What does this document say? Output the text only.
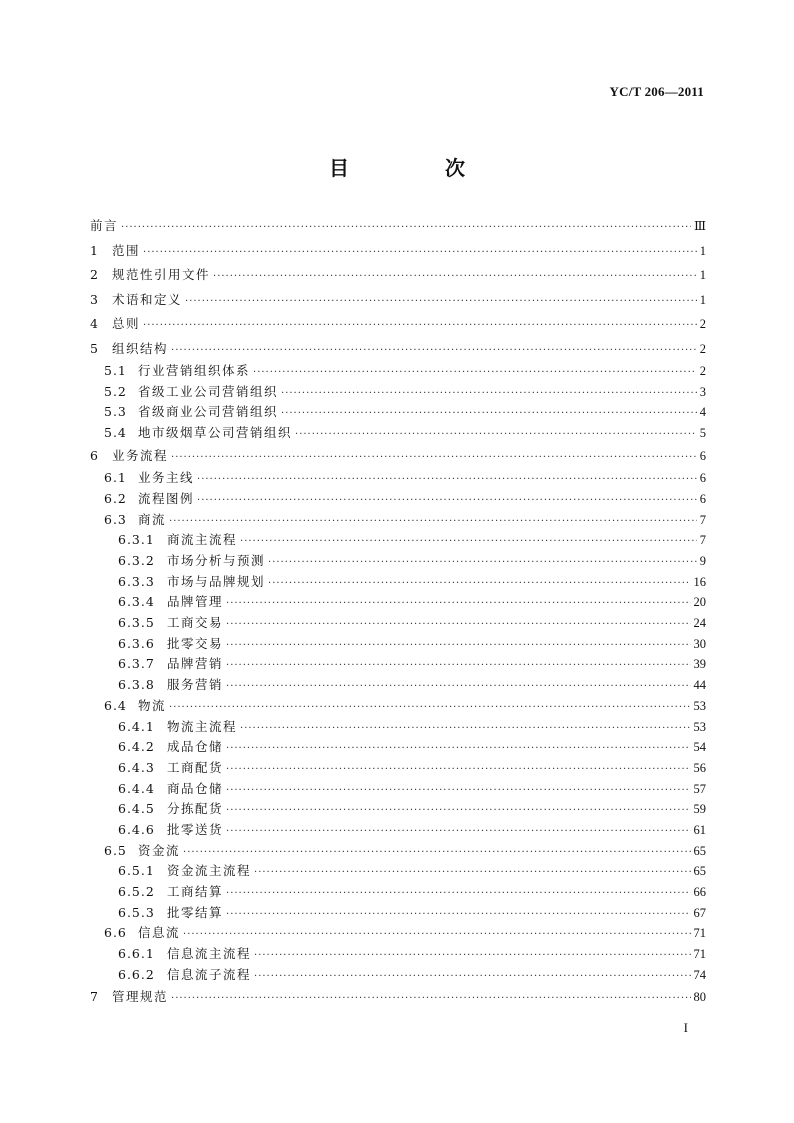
YC/T 206—2011
目　次
前言 ·····	Ⅲ
1	范围 ·····	1
2	规范性引用文件 ·····	1
3	术语和定义 ·····	1
4	总则 ·····	2
5	组织结构 ·····	2
5.1 行业营销组织体系 ·····	2
5.2 省级工业公司营销组织 ·····	3
5.3 省级商业公司营销组织 ·····	4
5.4 地市级烟草公司营销组织 ·····	5
6	业务流程 ·····	6
6.1 业务主线 ·····	6
6.2 流程图例 ·····	6
6.3 商流 ·····	7
6.3.1 商流主流程 ·····	7
6.3.2 市场分析与预测 ·····	9
6.3.3 市场与品牌规划 ·····	16
6.3.4 品牌管理 ·····	20
6.3.5 工商交易 ·····	24
6.3.6 批零交易 ·····	30
6.3.7 品牌营销 ·····	39
6.3.8 服务营销 ·····	44
6.4 物流 ·····	53
6.4.1 物流主流程 ·····	53
6.4.2 成品仓储 ·····	54
6.4.3 工商配货 ·····	56
6.4.4 商品仓储 ·····	57
6.4.5 分拣配货 ·····	59
6.4.6 批零送货 ·····	61
6.5 资金流 ·····	65
6.5.1 资金流主流程 ·····	65
6.5.2 工商结算 ·····	66
6.5.3 批零结算 ·····	67
6.6 信息流 ·····	71
6.6.1 信息流主流程 ·····	71
6.6.2 信息流子流程 ·····	74
7	管理规范 ·····	80
I
